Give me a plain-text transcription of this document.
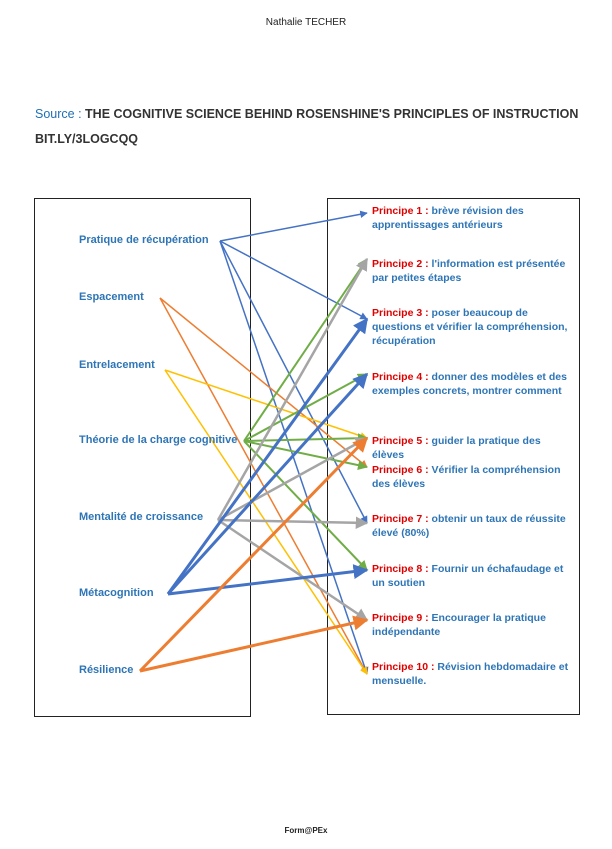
Nathalie TECHER
Source : THE COGNITIVE SCIENCE BEHIND ROSENSHINE'S PRINCIPLES OF INSTRUCTION
BIT.LY/3LOGCQQ
Pratique de récupération
Espacement
Entrelacement
Théorie de la charge cognitive
Mentalité de croissance
Métacognition
Résilience
Principe 1 : brève révision des apprentissages antérieurs
Principe 2 : l'information est présentée par petites étapes
Principe 3 : poser beaucoup de questions et vérifier la compréhension, récupération
Principe 4 : donner des modèles et des exemples concrets, montrer comment
Principe 5 : guider la pratique des élèves
Principe 6 : Vérifier la compréhension des élèves
Principe 7 : obtenir un taux de réussite élevé (80%)
Principe 8 : Fournir un échafaudage et un soutien
Principe 9 : Encourager la pratique indépendante
Principe 10 : Révision hebdomadaire et mensuelle.
Form@PEx
